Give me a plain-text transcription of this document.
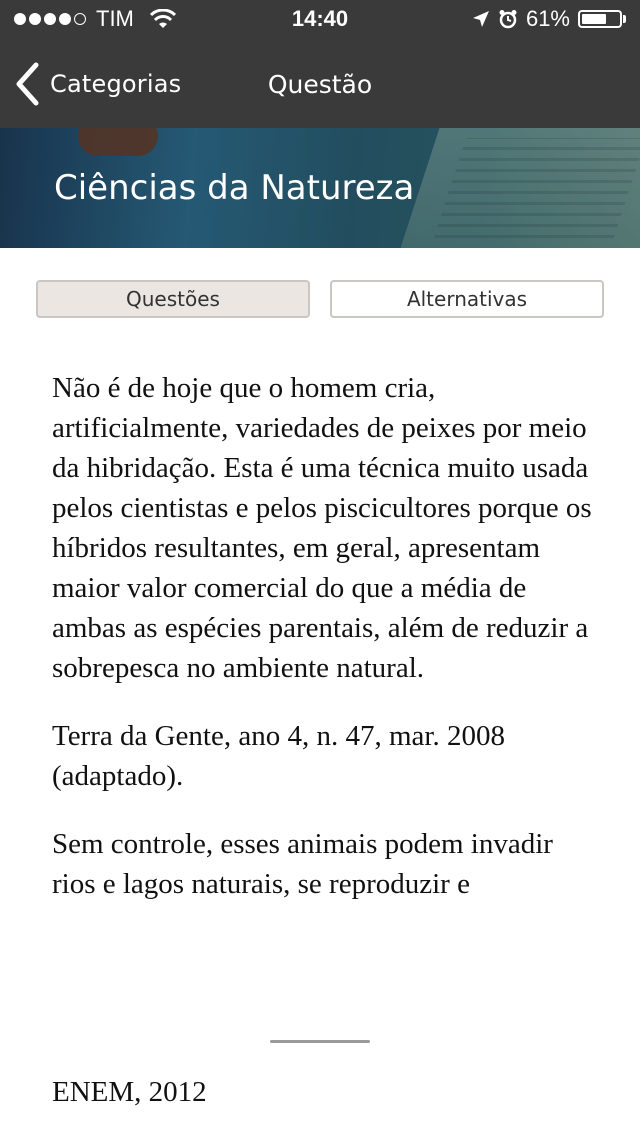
TIM	14:40	61%
Categorias	Questão
Ciências da Natureza
Questões	Alternativas

Não é de hoje que o homem cria, artificialmente, variedades de peixes por meio da hibridação. Esta é uma técnica muito usada pelos cientistas e pelos piscicultores porque os híbridos resultantes, em geral, apresentam maior valor comercial do que a média de ambas as espécies parentais, além de reduzir a sobrepesca no ambiente natural.

Terra da Gente, ano 4, n. 47, mar. 2008 (adaptado).

Sem controle, esses animais podem invadir rios e lagos naturais, se reproduzir e

ENEM, 2012
